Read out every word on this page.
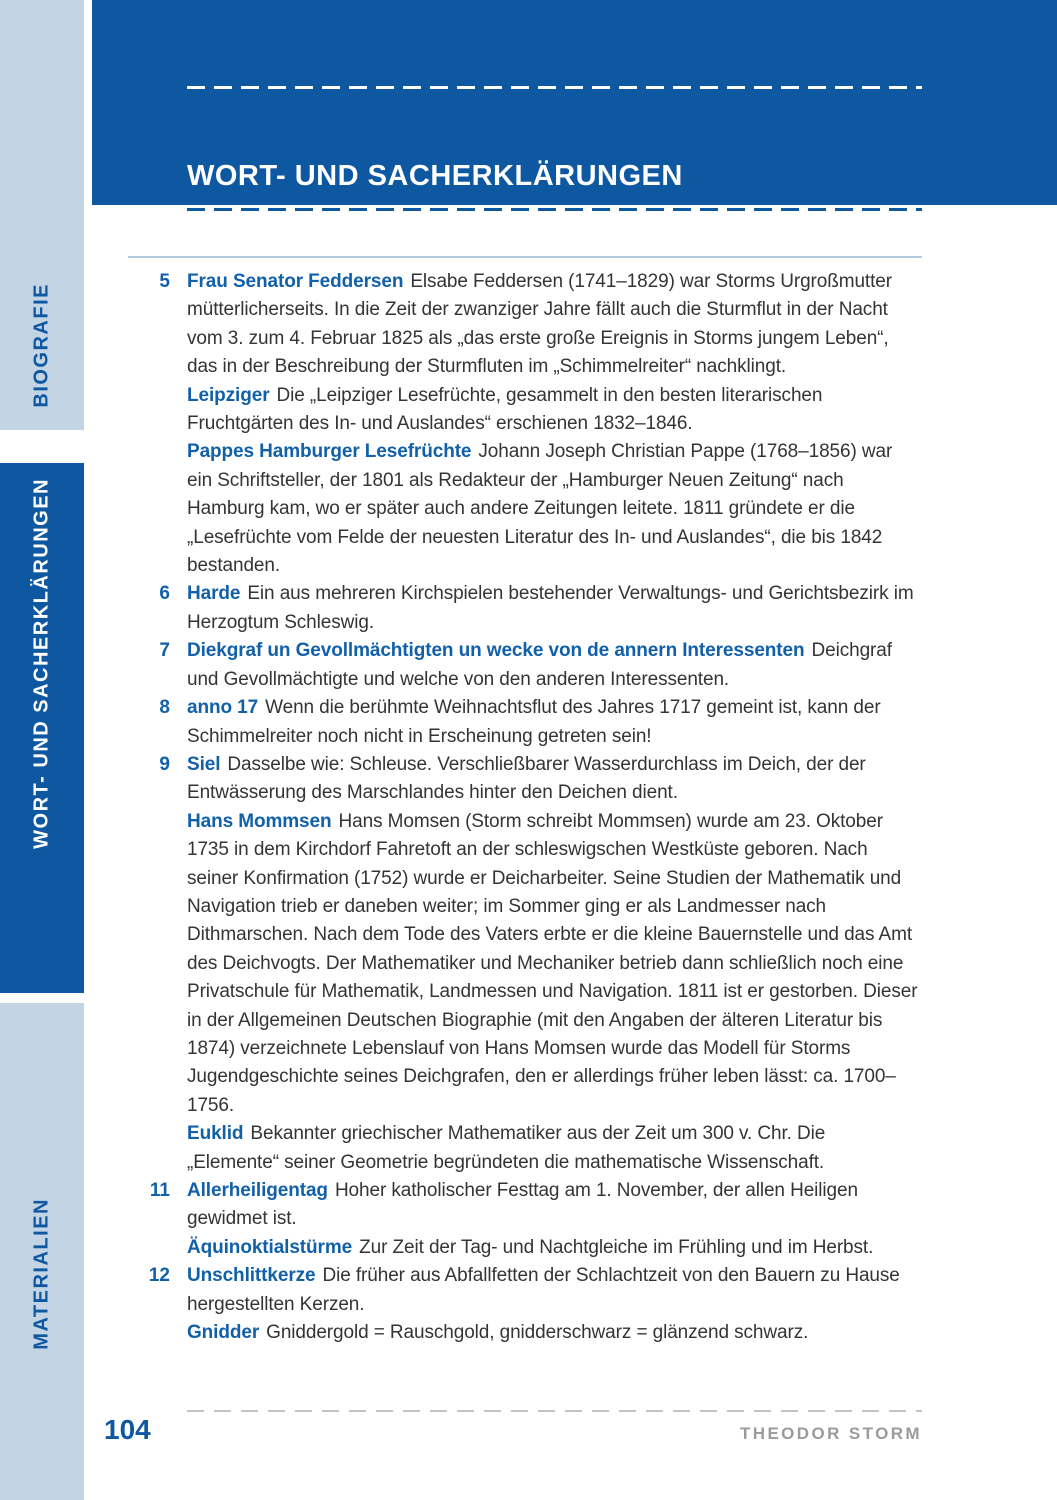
BIOGRAFIE
WORT- UND SACHERKLÄRUNGEN
MATERIALIEN
WORT- UND SACHERKLÄRUNGEN
5 Frau Senator Feddersen Elsabe Feddersen (1741–1829) war Storms Urgroßmutter mütterlicherseits. In die Zeit der zwanziger Jahre fällt auch die Sturmflut in der Nacht vom 3. zum 4. Februar 1825 als „das erste große Ereignis in Storms jungem Leben“, das in der Beschreibung der Sturmfluten im „Schimmelreiter“ nachklingt.

Leipziger Die „Leipziger Lesefrüchte, gesammelt in den besten literarischen Fruchtgärten des In- und Auslandes“ erschienen 1832–1846.

Pappes Hamburger Lesefrüchte Johann Joseph Christian Pappe (1768–1856) war ein Schriftsteller, der 1801 als Redakteur der „Hamburger Neuen Zeitung“ nach Hamburg kam, wo er später auch andere Zeitungen leitete. 1811 gründete er die „Lesefrüchte vom Felde der neuesten Literatur des In- und Auslandes“, die bis 1842 bestanden.

6 Harde Ein aus mehreren Kirchspielen bestehender Verwaltungs- und Gerichtsbezirk im Herzogtum Schleswig.

7 Diekgraf un Gevollmächtigten un wecke von de annern Interessenten Deichgraf und Gevollmächtigte und welche von den anderen Interessenten.

8 anno 17 Wenn die berühmte Weihnachtsflut des Jahres 1717 gemeint ist, kann der Schimmelreiter noch nicht in Erscheinung getreten sein!

9 Siel Dasselbe wie: Schleuse. Verschließbarer Wasserdurchlass im Deich, der der Entwässerung des Marschlandes hinter den Deichen dient.

Hans Mommsen Hans Momsen (Storm schreibt Mommsen) wurde am 23. Oktober 1735 in dem Kirchdorf Fahretoft an der schleswigschen Westküste geboren. Nach seiner Konfirmation (1752) wurde er Deicharbeiter. Seine Studien der Mathematik und Navigation trieb er daneben weiter; im Sommer ging er als Landmesser nach Dithmarschen. Nach dem Tode des Vaters erbte er die kleine Bauernstelle und das Amt des Deichvogts. Der Mathematiker und Mechaniker betrieb dann schließlich noch eine Privatschule für Mathematik, Landmessen und Navigation. 1811 ist er gestorben. Dieser in der Allgemeinen Deutschen Biographie (mit den Angaben der älteren Literatur bis 1874) verzeichnete Lebenslauf von Hans Momsen wurde das Modell für Storms Jugendgeschichte seines Deichgrafen, den er allerdings früher leben lässt: ca. 1700–1756.

Euklid Bekannter griechischer Mathematiker aus der Zeit um 300 v. Chr. Die „Elemente“ seiner Geometrie begründeten die mathematische Wissenschaft.

11 Allerheiligentag Hoher katholischer Festtag am 1. November, der allen Heiligen gewidmet ist.

Äquinoktialstürme Zur Zeit der Tag- und Nachtgleiche im Frühling und im Herbst.

12 Unschlittkerze Die früher aus Abfallfetten der Schlachtzeit von den Bauern zu Hause hergestellten Kerzen.

Gnidder Gniddergold = Rauschgold, gnidderschwarz = glänzend schwarz.

104	THEODOR STORM
